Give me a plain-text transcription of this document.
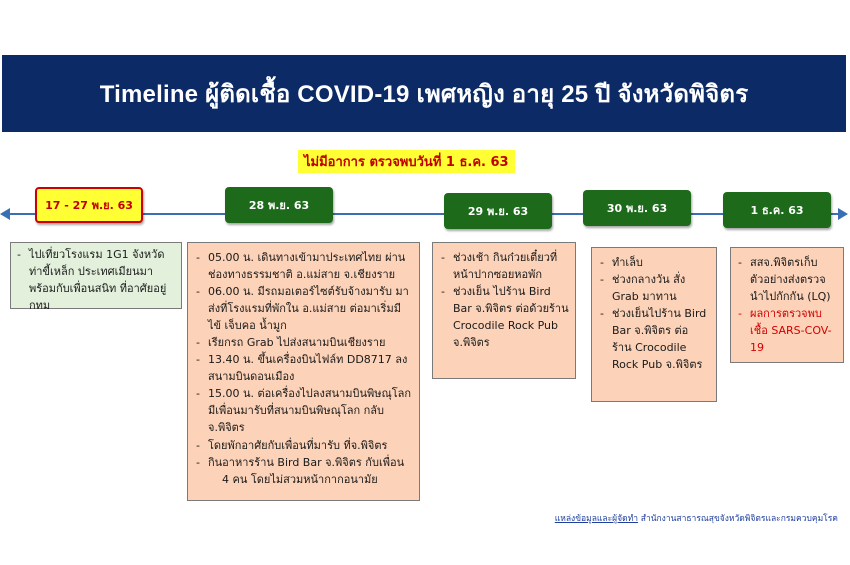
Timeline ผู้ติดเชื้อ COVID-19 เพศหญิง อายุ 25 ปี จังหวัดพิจิตร
ไม่มีอาการ ตรวจพบวันที่ 1 ธ.ค. 63
17 - 27 พ.ย. 63	28 พ.ย. 63	29 พ.ย. 63	30 พ.ย. 63	1 ธ.ค. 63
- ไปเที่ยวโรงแรม 1G1 จังหวัดท่าขี้เหล็ก ประเทศเมียนมา พร้อมกับเพื่อนสนิท ที่อาศัยอยู่ กทม
- 05.00 น. เดินทางเข้ามาประเทศไทย ผ่านช่องทางธรรมชาติ อ.แม่สาย จ.เชียงราย
- 06.00 น. มีรถมอเตอร์ไซต์รับจ้างมารับ มาส่งที่โรงแรมที่พักใน อ.แม่สาย ต่อมาเริ่มมีไข้ เจ็บคอ น้ำมูก
- เรียกรถ Grab ไปส่งสนามบินเชียงราย
- 13.40 น. ขึ้นเครื่องบินไฟล์ท DD8717 ลงสนามบินดอนเมือง
- 15.00 น. ต่อเครื่องไปลงสนามบินพิษณุโลก มีเพื่อนมารับที่สนามบินพิษณุโลก กลับจ.พิจิตร
- โดยพักอาศัยกับเพื่อนที่มารับ ที่จ.พิจิตร
- กินอาหารร้าน Bird Bar จ.พิจิตร กับเพื่อน
4 คน โดยไม่สวมหน้ากากอนามัย
- ช่วงเช้า กินก๋วยเตี๋ยวที่หน้าปากซอยหอพัก
- ช่วงเย็น ไปร้าน Bird Bar จ.พิจิตร ต่อด้วยร้าน Crocodile Rock Pub จ.พิจิตร
- ทำเล็บ
- ช่วงกลางวัน สั่ง Grab มาทาน
- ช่วงเย็นไปร้าน Bird Bar จ.พิจิตร ต่อ ร้าน Crocodile Rock Pub จ.พิจิตร
- สสจ.พิจิตรเก็บตัวอย่างส่งตรวจ นำไปกักกัน (LQ)
- ผลการตรวจพบเชื้อ SARS-COV-19
แหล่งข้อมูลและผู้จัดทำ สำนักงานสาธารณสุขจังหวัดพิจิตรและกรมควบคุมโรค
